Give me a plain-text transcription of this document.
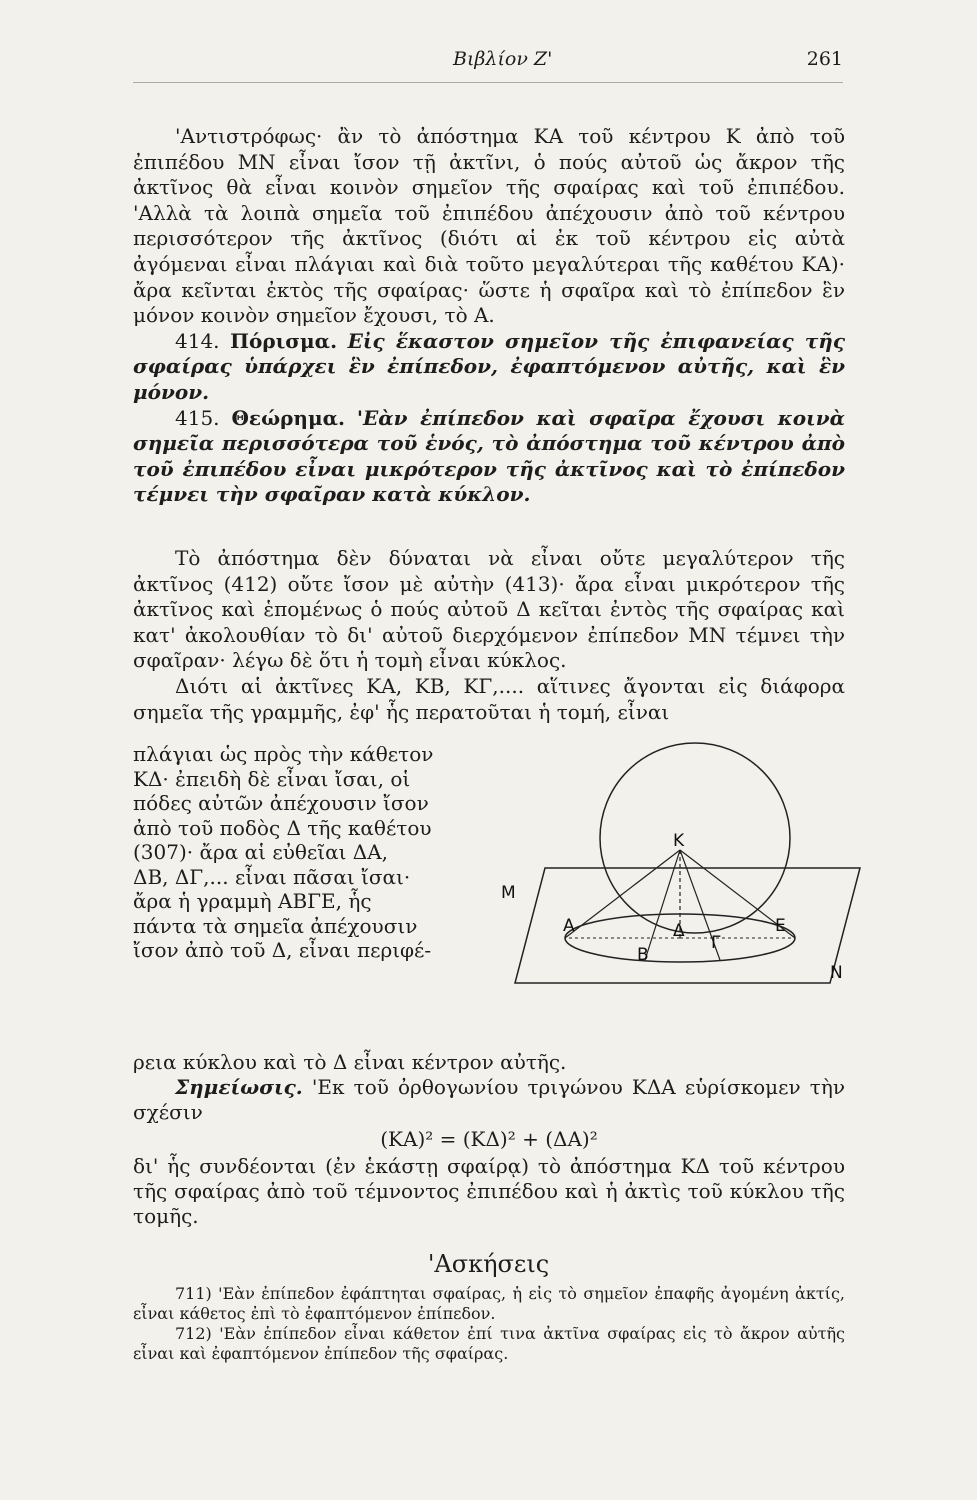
Βιβλίον Ζ'	261

'Αντιστρόφως· ἂν τὸ ἀπόστημα ΚΑ τοῦ κέντρου Κ ἀπὸ τοῦ ἐπιπέδου ΜΝ εἶναι ἴσον τῇ ἀκτῖνι, ὁ πούς αὐτοῦ ὡς ἄκρον τῆς ἀκτῖνος θὰ εἶναι κοινὸν σημεῖον τῆς σφαίρας καὶ τοῦ ἐπιπέδου. 'Αλλὰ τὰ λοιπὰ σημεῖα τοῦ ἐπιπέδου ἀπέχουσιν ἀπὸ τοῦ κέντρου περισσότερον τῆς ἀκτῖνος (διότι αἱ ἐκ τοῦ κέντρου εἰς αὐτὰ ἀγόμεναι εἶναι πλάγιαι καὶ διὰ τοῦτο μεγαλύτεραι τῆς καθέτου ΚΑ)· ἄρα κεῖνται ἐκτὸς τῆς σφαίρας· ὥστε ἡ σφαῖρα καὶ τὸ ἐπίπεδον ἓν μόνον κοινὸν σημεῖον ἔχουσι, τὸ Α.

414. Πόρισμα. Εἰς ἕκαστον σημεῖον τῆς ἐπιφανείας τῆς σφαίρας ὑπάρχει ἓν ἐπίπεδον, ἐφαπτόμενον αὐτῆς, καὶ ἓν μόνον.

415. Θεώρημα. 'Εὰν ἐπίπεδον καὶ σφαῖρα ἔχουσι κοινὰ σημεῖα περισσότερα τοῦ ἑνός, τὸ ἀπόστημα τοῦ κέντρου ἀπὸ τοῦ ἐπιπέδου εἶναι μικρότερον τῆς ἀκτῖνος καὶ τὸ ἐπίπεδον τέμνει τὴν σφαῖραν κατὰ κύκλον.

Τὸ ἀπόστημα δὲν δύναται νὰ εἶναι οὔτε μεγαλύτερον τῆς ἀκτῖνος (412) οὔτε ἴσον μὲ αὐτὴν (413)· ἄρα εἶναι μικρότερον τῆς ἀκτῖνος καὶ ἑπομένως ὁ πούς αὐτοῦ Δ κεῖται ἐντὸς τῆς σφαίρας καὶ κατ' ἀκολουθίαν τὸ δι' αὐτοῦ διερχόμενον ἐπίπεδον ΜΝ τέμνει τὴν σφαῖραν· λέγω δὲ ὅτι ἡ τομὴ εἶναι κύκλος.

Διότι αἱ ἀκτῖνες ΚΑ, ΚΒ, ΚΓ,.... αἵτινες ἄγονται εἰς διάφορα σημεῖα τῆς γραμμῆς, ἐφ' ἧς περατοῦται ἡ τομή, εἶναι

πλάγιαι ὡς πρὸς τὴν κάθετον

ΚΔ· ἐπειδὴ δὲ εἶναι ἴσαι, οἱ

πόδες αὐτῶν ἀπέχουσιν ἴσον

ἀπὸ τοῦ ποδὸς Δ τῆς καθέτου

(307)· ἄρα αἱ εὐθεῖαι ΔΑ,

ΔΒ, ΔΓ,... εἶναι πᾶσαι ἴσαι·

ἄρα ἡ γραμμὴ ΑΒΓΕ, ἧς

πάντα τὰ σημεῖα ἀπέχουσιν

ἴσον ἀπὸ τοῦ Δ, εἶναι περιφέ-

K
M
N
A
B
Γ
Δ	E

ρεια κύκλου καὶ τὸ Δ εἶναι κέντρον αὐτῆς.

Σημείωσις. 'Εκ τοῦ ὀρθογωνίου τριγώνου ΚΔΑ εὑρίσκομεν τὴν σχέσιν

(ΚΑ)² = (ΚΔ)² + (ΔΑ)²

δι' ἧς συνδέονται (ἐν ἑκάστῃ σφαίρᾳ) τὸ ἀπόστημα ΚΔ τοῦ κέντρου τῆς σφαίρας ἀπὸ τοῦ τέμνοντος ἐπιπέδου καὶ ἡ ἀκτὶς τοῦ κύκλου τῆς τομῆς.

'Ασκήσεις

711) 'Εὰν ἐπίπεδον ἐφάπτηται σφαίρας, ἡ εἰς τὸ σημεῖον ἐπαφῆς ἀγομένη ἀκτίς, εἶναι κάθετος ἐπὶ τὸ ἐφαπτόμενον ἐπίπεδον.

712) 'Εὰν ἐπίπεδον εἶναι κάθετον ἐπί τινα ἀκτῖνα σφαίρας εἰς τὸ ἄκρον αὐτῆς εἶναι καὶ ἐφαπτόμενον ἐπίπεδον τῆς σφαίρας.
